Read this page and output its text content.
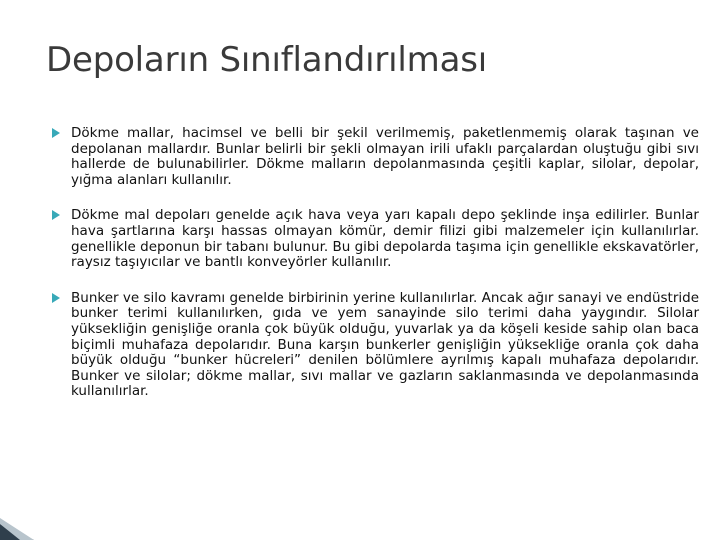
Depoların Sınıflandırılması

Dökme mallar, hacimsel ve belli bir şekil verilmemiş, paketlenmemiş olarak taşınan ve depolanan mallardır. Bunlar belirli bir şekli olmayan irili ufaklı parçalardan oluştuğu gibi sıvı hallerde de bulunabilirler. Dökme malların depolanmasında çeşitli kaplar, silolar, depolar, yığma alanları kullanılır.

Dökme mal depoları genelde açık hava veya yarı kapalı depo şeklinde inşa edilirler. Bunlar hava şartlarına karşı hassas olmayan kömür, demir filizi gibi malzemeler için kullanılırlar. genellikle deponun bir tabanı bulunur. Bu gibi depolarda taşıma için genellikle ekskavatörler, raysız taşıyıcılar ve bantlı konveyörler kullanılır.

Bunker ve silo kavramı genelde birbirinin yerine kullanılırlar. Ancak ağır sanayi ve endüstride bunker terimi kullanılırken, gıda ve yem sanayinde silo terimi daha yaygındır. Silolar yüksekliğin genişliğe oranla çok büyük olduğu, yuvarlak ya da köşeli keside sahip olan baca biçimli muhafaza depolarıdır. Buna karşın bunkerler genişliğin yüksekliğe oranla çok daha büyük olduğu “bunker hücreleri” denilen bölümlere ayrılmış kapalı muhafaza depolarıdır. Bunker ve silolar; dökme mallar, sıvı mallar ve gazların saklanmasında ve depolanmasında kullanılırlar.
